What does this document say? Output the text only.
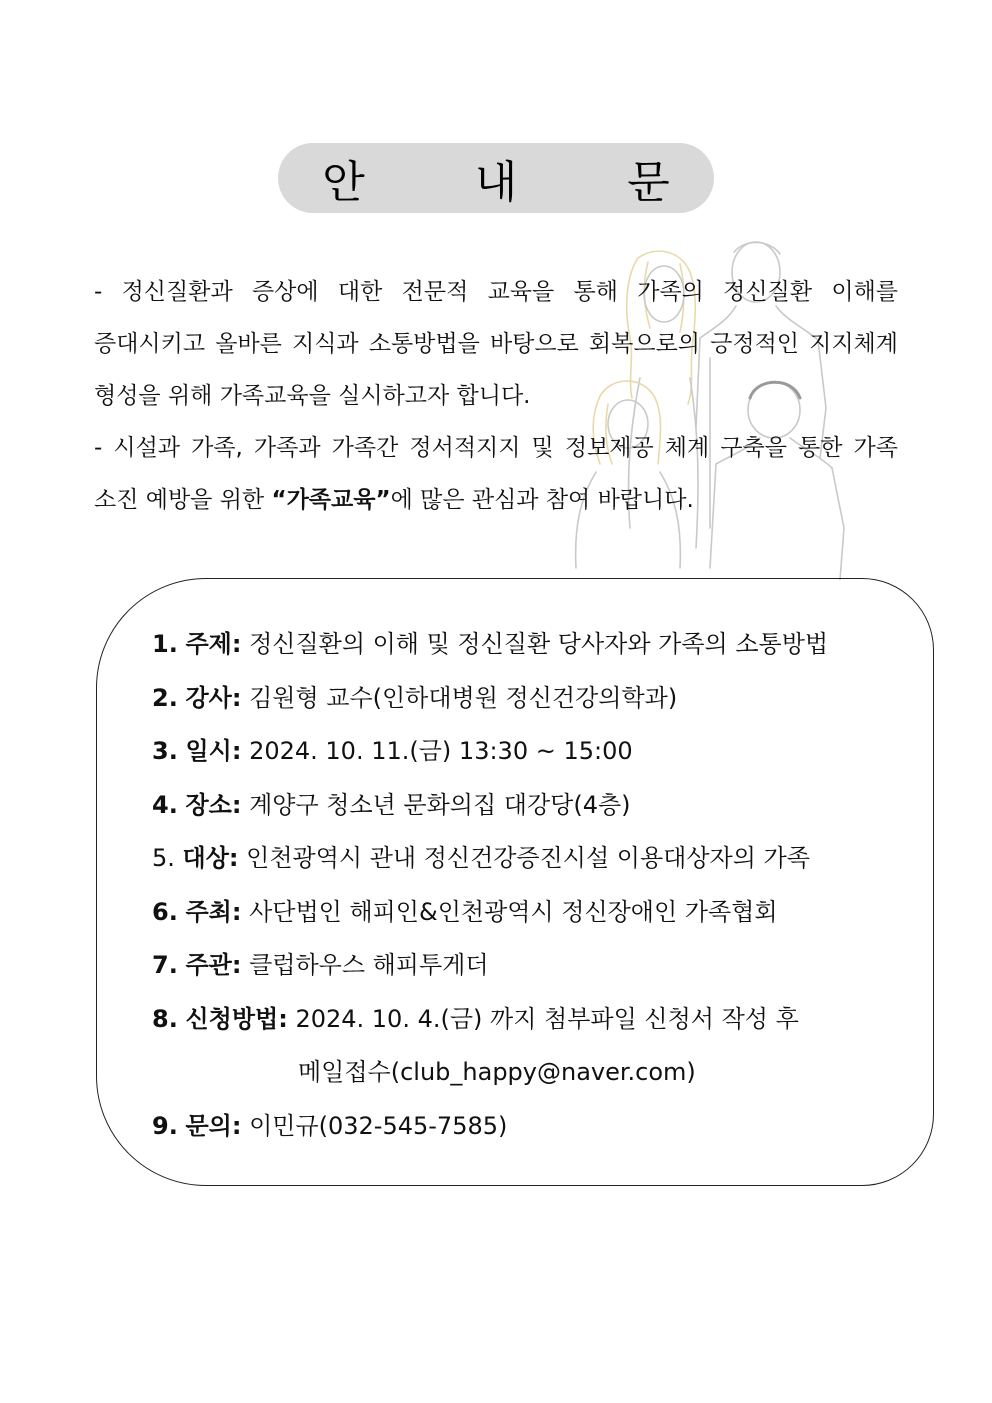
안 내 문

- 정신질환과 증상에 대한 전문적 교육을 통해 가족의 정신질환 이해를 증대시키고 올바른 지식과 소통방법을 바탕으로 회복으로의 긍정적인 지지체계 형성을 위해 가족교육을 실시하고자 합니다.

- 시설과 가족, 가족과 가족간 정서적지지 및 정보제공 체계 구축을 통한 가족 소진 예방을 위한 “가족교육”에 많은 관심과 참여 바랍니다.

1. 주제: 정신질환의 이해 및 정신질환 당사자와 가족의 소통방법
2. 강사: 김원형 교수(인하대병원 정신건강의학과)
3. 일시: 2024. 10. 11.(금) 13:30 ~ 15:00
4. 장소: 계양구 청소년 문화의집 대강당(4층)
5. 대상: 인천광역시 관내 정신건강증진시설 이용대상자의 가족
6. 주최: 사단법인 해피인&인천광역시 정신장애인 가족협회
7. 주관: 클럽하우스 해피투게더
8. 신청방법: 2024. 10. 4.(금) 까지 첨부파일 신청서 작성 후
메일접수(club_happy@naver.com)
9. 문의: 이민규(032-545-7585)
